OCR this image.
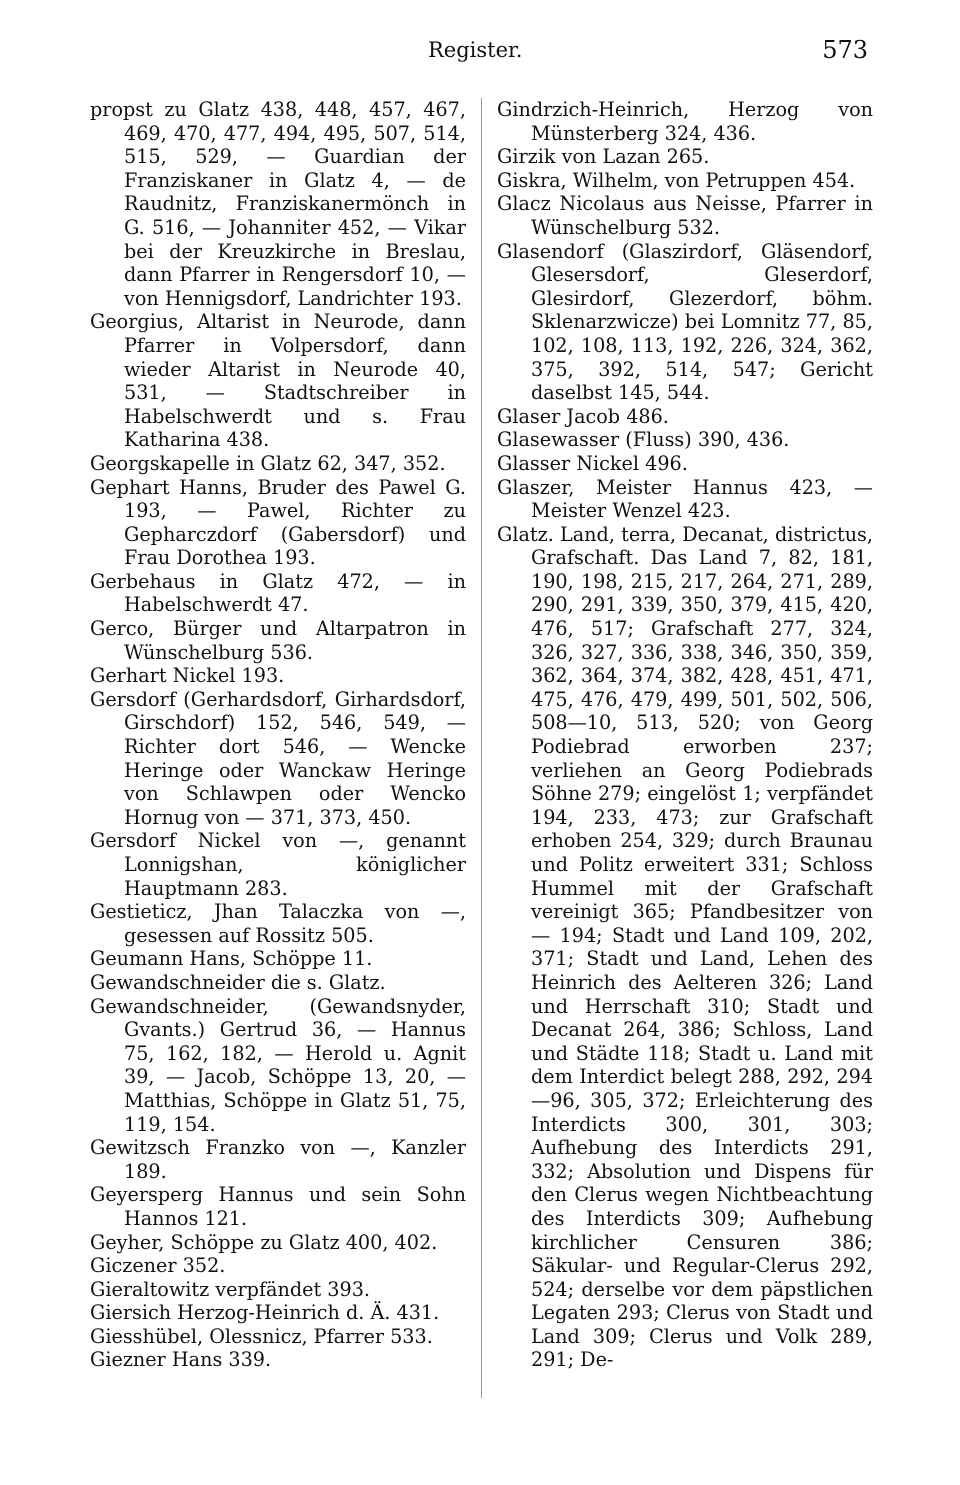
Register.	573

propst zu Glatz 438, 448, 457, 467, 469, 470, 477, 494, 495, 507, 514, 515, 529, — Guardian der Franziskaner in Glatz 4, — de Raudnitz, Franziskanermönch in G. 516, — Johanniter 452, — Vikar bei der Kreuzkirche in Breslau, dann Pfarrer in Rengersdorf 10, — von Hennigsdorf, Landrichter 193.

Georgius, Altarist in Neurode, dann Pfarrer in Volpersdorf, dann wieder Altarist in Neurode 40, 531, — Stadtschreiber in Habelschwerdt und s. Frau Katharina 438.

Georgskapelle in Glatz 62, 347, 352.

Gephart Hanns, Bruder des Pawel G. 193, — Pawel, Richter zu Gepharczdorf (Gabersdorf) und Frau Dorothea 193.

Gerbehaus in Glatz 472, — in Habelschwerdt 47.

Gerco, Bürger und Altarpatron in Wünschelburg 536.

Gerhart Nickel 193.

Gersdorf (Gerhardsdorf, Girhardsdorf, Girschdorf) 152, 546, 549, — Richter dort 546, — Wencke Heringe oder Wanckaw Heringe von Schlawpen oder Wencko Hornug von — 371, 373, 450.

Gersdorf Nickel von —, genannt Lonnigshan, königlicher Hauptmann 283.

Gestieticz, Jhan Talaczka von —, gesessen auf Rossitz 505.

Geumann Hans, Schöppe 11.

Gewandschneider die s. Glatz.

Gewandschneider, (Gewandsnyder, Gvants.) Gertrud 36, — Hannus 75, 162, 182, — Herold u. Agnit 39, — Jacob, Schöppe 13, 20, — Matthias, Schöppe in Glatz 51, 75, 119, 154.

Gewitzsch Franzko von —, Kanzler 189.

Geyersperg Hannus und sein Sohn Hannos 121.

Geyher, Schöppe zu Glatz 400, 402.

Giczener 352.

Gieraltowitz verpfändet 393.

Giersich Herzog-Heinrich d. Ä. 431.

Giesshübel, Olessnicz, Pfarrer 533.

Giezner Hans 339.

Gindrzich-Heinrich, Herzog von Münsterberg 324, 436.

Girzik von Lazan 265.

Giskra, Wilhelm, von Petruppen 454.

Glacz Nicolaus aus Neisse, Pfarrer in Wünschelburg 532.

Glasendorf (Glaszirdorf, Gläsendorf, Glesersdorf, Gleserdorf, Glesirdorf, Glezerdorf, böhm. Sklenarzwicze) bei Lomnitz 77, 85, 102, 108, 113, 192, 226, 324, 362, 375, 392, 514, 547; Gericht daselbst 145, 544.

Glaser Jacob 486.

Glasewasser (Fluss) 390, 436.

Glasser Nickel 496.

Glaszer, Meister Hannus 423, — Meister Wenzel 423.

Glatz. Land, terra, Decanat, districtus, Grafschaft. Das Land 7, 82, 181, 190, 198, 215, 217, 264, 271, 289, 290, 291, 339, 350, 379, 415, 420, 476, 517; Grafschaft 277, 324, 326, 327, 336, 338, 346, 350, 359, 362, 364, 374, 382, 428, 451, 471, 475, 476, 479, 499, 501, 502, 506, 508—10, 513, 520; von Georg Podiebrad erworben 237; verliehen an Georg Podiebrads Söhne 279; eingelöst 1; verpfändet 194, 233, 473; zur Grafschaft erhoben 254, 329; durch Braunau und Politz erweitert 331; Schloss Hummel mit der Grafschaft vereinigt 365; Pfandbesitzer von — 194; Stadt und Land 109, 202, 371; Stadt und Land, Lehen des Heinrich des Aelteren 326; Land und Herrschaft 310; Stadt und Decanat 264, 386; Schloss, Land und Städte 118; Stadt u. Land mit dem Interdict belegt 288, 292, 294—96, 305, 372; Erleichterung des Interdicts 300, 301, 303; Aufhebung des Interdicts 291, 332; Absolution und Dispens für den Clerus wegen Nichtbeachtung des Interdicts 309; Aufhebung kirchlicher Censuren 386; Säkular- und Regular-Clerus 292, 524; derselbe vor dem päpstlichen Legaten 293; Clerus von Stadt und Land 309; Clerus und Volk 289, 291; De-
